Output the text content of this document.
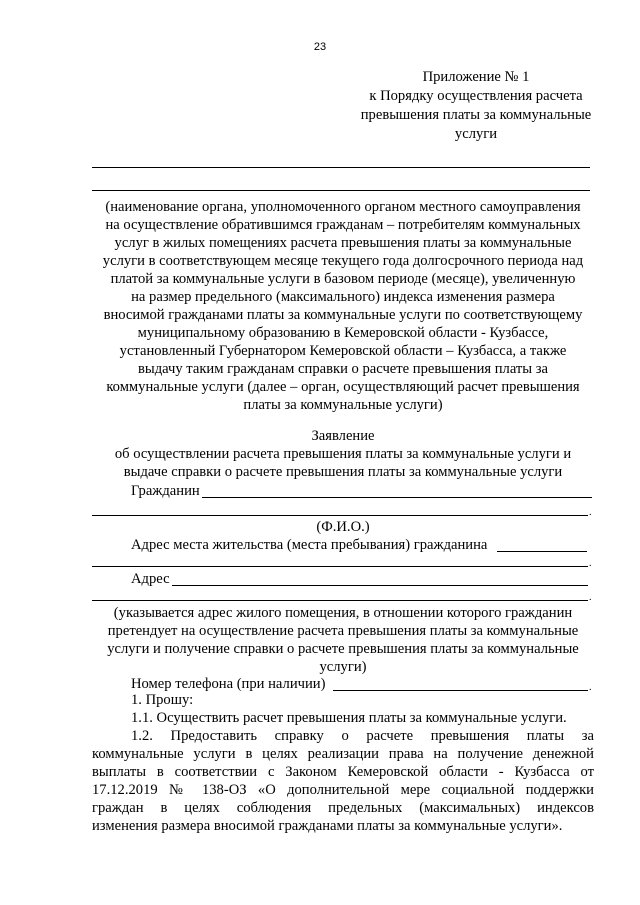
23
Приложение № 1
к Порядку осуществления расчета
превышения платы за коммунальные
услуги
(наименование органа, уполномоченного органом местного самоуправления
на осуществление обратившимся гражданам – потребителям коммунальных
услуг в жилых помещениях расчета превышения платы за коммунальные
услуги в соответствующем месяце текущего года долгосрочного периода над
платой за коммунальные услуги в базовом периоде (месяце), увеличенную
на размер предельного (максимального) индекса изменения размера
вносимой гражданами платы за коммунальные услуги по соответствующему
муниципальному образованию в Кемеровской области - Кузбассе,
установленный Губернатором Кемеровской области – Кузбасса, а также
выдачу таким гражданам справки о расчете превышения платы за
коммунальные услуги (далее – орган, осуществляющий расчет превышения
платы за коммунальные услуги)
Заявление
об осуществлении расчета превышения платы за коммунальные услуги и
выдаче справки о расчете превышения платы за коммунальные услуги
Гражданин
.
(Ф.И.О.)
Адрес места жительства (места пребывания) гражданина
.
Адрес
.
(указывается адрес жилого помещения, в отношении которого гражданин
претендует на осуществление расчета превышения платы за коммунальные
услуги и получение справки о расчете превышения платы за коммунальные
услуги)
Номер телефона (при наличии)	.
1. Прошу:
1.1. Осуществить расчет превышения платы за коммунальные услуги.
1.2. Предоставить справку о расчете превышения платы за
коммунальные услуги в целях реализации права на получение денежной
выплаты в соответствии с Законом Кемеровской области - Кузбасса от
17.12.2019 № 138-ОЗ «О дополнительной мере социальной поддержки
граждан в целях соблюдения предельных (максимальных) индексов
изменения размера вносимой гражданами платы за коммунальные услуги».
